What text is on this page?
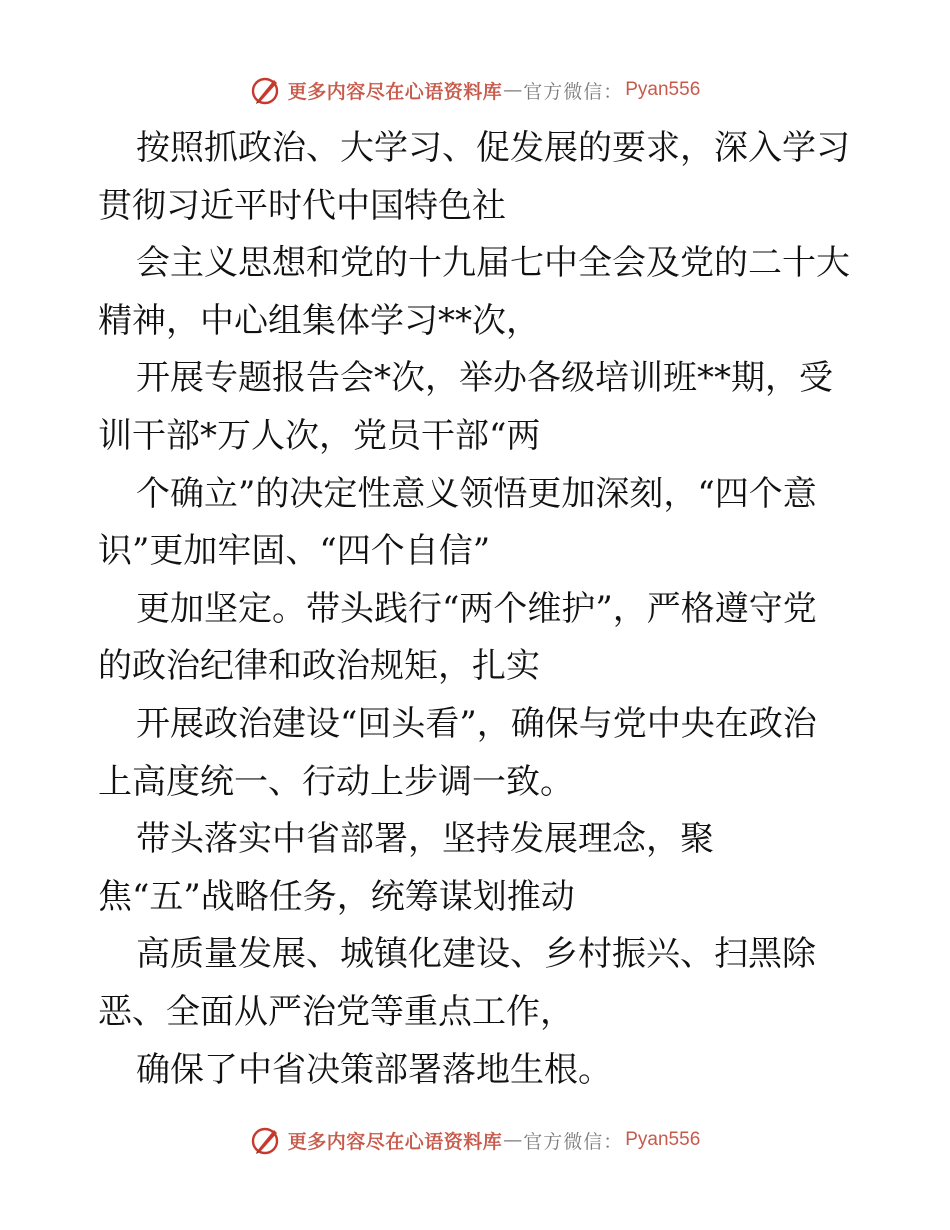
更多内容尽在心语资料库 — 官方微信： Pyan556
按照抓政治、大学习、促发展的要求，深入学习
贯彻习近平时代中国特色社
会主义思想和党的十九届七中全会及党的二十大
精神，中心组集体学习**次，
开展专题报告会*次，举办各级培训班**期，受
训干部*万人次，党员干部“两
个确立”的决定性意义领悟更加深刻，“四个意
识”更加牢固、“四个自信”
更加坚定。带头践行“两个维护”，严格遵守党
的政治纪律和政治规矩，扎实
开展政治建设“回头看”，确保与党中央在政治
上高度统一、行动上步调一致。
带头落实中省部署，坚持发展理念，聚
焦“五”战略任务，统筹谋划推动
高质量发展、城镇化建设、乡村振兴、扫黑除
恶、全面从严治党等重点工作，
确保了中省决策部署落地生根。
更多内容尽在心语资料库 — 官方微信： Pyan556
